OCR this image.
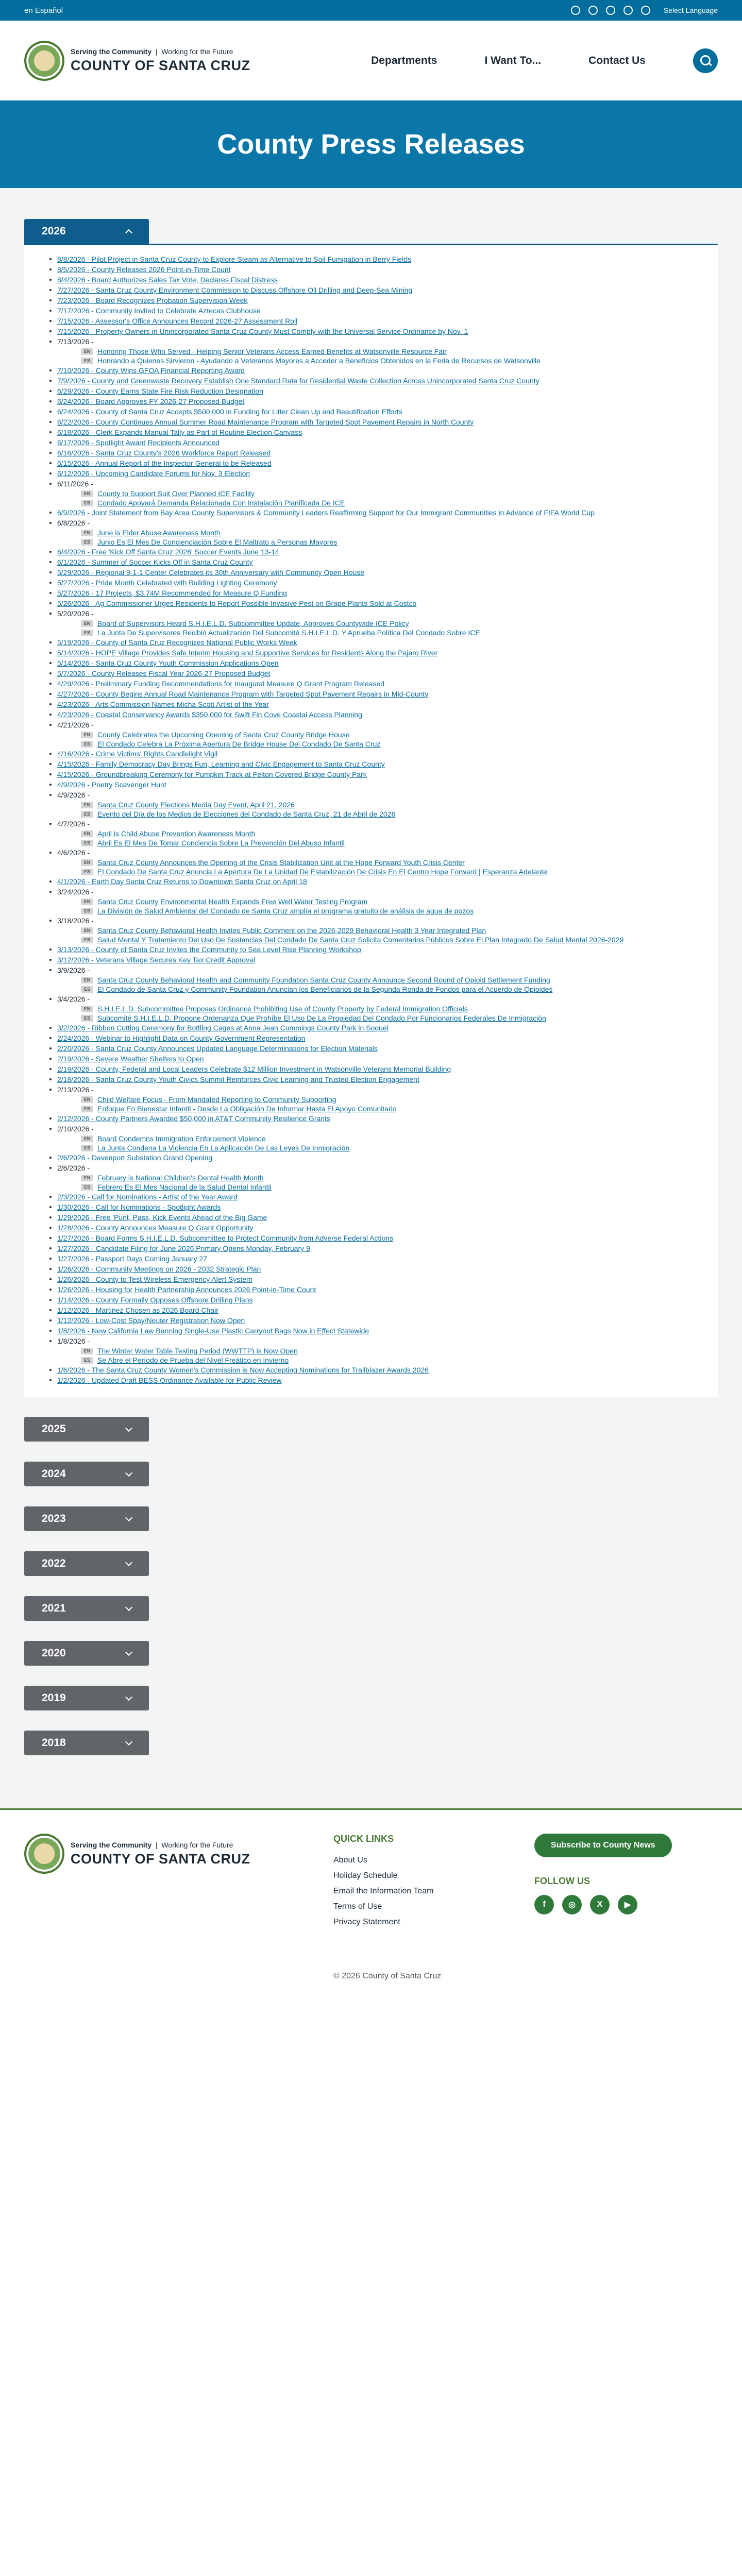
en Español	Select Language
Serving the Community  |  Working for the Future
COUNTY OF SANTA CRUZ	Departments	I Want To...	Contact Us
County Press Releases
2026
8/8/2026 - Pilot Project in Santa Cruz County to Explore Steam as Alternative to Soil Fumigation in Berry Fields
8/5/2026 - County Releases 2026 Point-in-Time Count
8/4/2026 - Board Authorizes Sales Tax Vote, Declares Fiscal Distress
7/27/2026 - Santa Cruz County Environment Commission to Discuss Offshore Oil Drilling and Deep-Sea Mining
7/23/2026 - Board Recognizes Probation Supervision Week
7/17/2026 - Community Invited to Celebrate Aztecas Clubhouse
7/15/2026 - Assessor's Office Announces Record 2026-27 Assessment Roll
7/15/2026 - Property Owners in Unincorporated Santa Cruz County Must Comply with the Universal Service Ordinance by Nov. 1
7/13/2026 -
EN Honoring Those Who Served - Helping Senior Veterans Access Earned Benefits at Watsonville Resource Fair
ES	Honrando a Quienes Sirvieron - Ayudando a Veteranos Mayores a Acceder a Beneficios Obtenidos en la Feria de Recursos de Watsonville
7/10/2026 - County Wins GFOA Financial Reporting Award
7/9/2026 - County and Greenwaste Recovery Establish One Standard Rate for Residential Waste Collection Across Unincorporated Santa Cruz County
6/29/2026 - County Earns State Fire Risk Reduction Designation
6/24/2026 - Board Approves FY 2026-27 Proposed Budget
6/24/2026 - County of Santa Cruz Accepts $500,000 in Funding for Litter Clean Up and Beautification Efforts
6/22/2026 - County Continues Annual Summer Road Maintenance Program with Targeted Spot Pavement Repairs in North County
6/18/2026 - Clerk Expands Manual Tally as Part of Routine Election Canvass
6/17/2026 - Spotlight Award Recipients Announced
6/16/2026 - Santa Cruz County's 2026 Workforce Report Released
6/15/2026 - Annual Report of the Inspector General to be Released
6/12/2026 - Upcoming Candidate Forums for Nov. 3 Election
6/11/2026 -
EN County to Support Suit Over Planned ICE Facility
ES	Condado Apoyará Demanda Relacionada Con Instalación Planificada De ICE
6/9/2026 - Joint Statement from Bay Area County Supervisors & Community Leaders Reaffirming Support for Our Immigrant Communities in Advance of FIFA World Cup
6/8/2026 -
EN June is Elder Abuse Awareness Month
ES	Junio Es El Mes De Concienciación Sobre El Maltrato a Personas Mayores
6/4/2026 - Free 'Kick Off Santa Cruz 2026' Soccer Events June 13-14
6/1/2026 - Summer of Soccer Kicks Off in Santa Cruz County
5/29/2026 - Regional 9-1-1 Center Celebrates its 30th Anniversary with Community Open House
5/27/2026 - Pride Month Celebrated with Building Lighting Ceremony
5/27/2026 - 17 Projects, $3.74M Recommended for Measure Q Funding
5/26/2026 - Ag Commissioner Urges Residents to Report Possible Invasive Pest on Grape Plants Sold at Costco
5/20/2026 -
EN Board of Supervisors Heard S.H.I.E.L.D. Subcommittee Update, Approves Countywide ICE Policy
ES	La Junta De Supervisores Recibió Actualización Del Subcomité S.H.I.E.L.D. Y Aprueba Política Del Condado Sobre ICE
5/19/2026 - County of Santa Cruz Recognizes National Public Works Week
5/14/2026 - HOPE Village Provides Safe Interim Housing and Supportive Services for Residents Along the Pajaro River
5/14/2026 - Santa Cruz County Youth Commission Applications Open
5/7/2026 - County Releases Fiscal Year 2026-27 Proposed Budget
4/29/2026 - Preliminary Funding Recommendations for Inaugural Measure Q Grant Program Released
4/27/2026 - County Begins Annual Road Maintenance Program with Targeted Spot Pavement Repairs in Mid-County
4/23/2026 - Arts Commission Names Micha Scott Artist of the Year
4/23/2026 - Coastal Conservancy Awards $350,000 for Swift Fin Cove Coastal Access Planning
4/21/2026 -
EN County Celebrates the Upcoming Opening of Santa Cruz County Bridge House
ES	El Condado Celebra La Próxima Apertura De Bridge House Del Condado De Santa Cruz
4/16/2026 - Crime Victims' Rights Candlelight Vigil
4/15/2026 - Family Democracy Day Brings Fun, Learning and Civic Engagement to Santa Cruz County
4/15/2026 - Groundbreaking Ceremony for Pumpkin Track at Felton Covered Bridge County Park
4/9/2026 - Poetry Scavenger Hunt
4/9/2026 -
EN Santa Cruz County Elections Media Day Event, April 21, 2026
ES	Evento del Día de los Medios de Elecciones del Condado de Santa Cruz, 21 de Abril de 2026
4/7/2026 -
EN April is Child Abuse Prevention Awareness Month
ES	Abril Es El Mes De Tomar Conciencia Sobre La Prevención Del Abuso Infantil
4/6/2026 -
EN Santa Cruz County Announces the Opening of the Crisis Stabilization Unit at the Hope Forward Youth Crisis Center
ES	El Condado De Santa Cruz Anuncia La Apertura De La Unidad De Estabilización De Crisis En El Centro Hope Forward | Esperanza Adelante
4/1/2026 - Earth Day Santa Cruz Returns to Downtown Santa Cruz on April 18
3/24/2026 -
EN Santa Cruz County Environmental Health Expands Free Well Water Testing Program
ES	La División de Salud Ambiental del Condado de Santa Cruz amplía el programa gratuito de análisis de agua de pozos
3/18/2026 -
EN Santa Cruz County Behavioral Health Invites Public Comment on the 2026-2029 Behavioral Health 3 Year Integrated Plan
ES	Salud Mental Y Tratamiento Del Uso De Sustancias Del Condado De Santa Cruz Solicita Comentarios Públicos Sobre El Plan Integrado De Salud Mental 2026-2029
3/13/2026 - County of Santa Cruz Invites the Community to Sea Level Rise Planning Workshop
3/12/2026 - Veterans Village Secures Key Tax Credit Approval
3/9/2026 -
EN Santa Cruz County Behavioral Health and Community Foundation Santa Cruz County Announce Second Round of Opioid Settlement Funding
ES	El Condado de Santa Cruz y Community Foundation Anuncian los Beneficiarios de la Segunda Ronda de Fondos para el Acuerdo de Opioides
3/4/2026 -
EN S.H.I.E.L.D. Subcommittee Proposes Ordinance Prohibiting Use of County Property by Federal Immigration Officials
ES	Subcomité S.H.I.E.L.D. Propone Ordenanza Que Prohíbe El Uso De La Propiedad Del Condado Por Funcionarios Federales De Inmigración
3/2/2026 - Ribbon Cutting Ceremony for Bottling Cages at Anna Jean Cummings County Park in Soquel
2/24/2026 - Webinar to Highlight Data on County Government Representation
2/20/2026 - Santa Cruz County Announces Updated Language Determinations for Election Materials
2/19/2026 - Severe Weather Shelters to Open
2/19/2026 - County, Federal and Local Leaders Celebrate $12 Million Investment in Watsonville Veterans Memorial Building
2/18/2026 - Santa Cruz County Youth Civics Summit Reinforces Civic Learning and Trusted Election Engagement
2/13/2026 -
EN Child Welfare Focus - From Mandated Reporting to Community Supporting
ES	Enfoque En Bienestar Infantil - Desde La Obligación De Informar Hasta El Apoyo Comunitario
2/12/2026 - County Partners Awarded $50,000 in AT&T Community Resilience Grants
2/10/2026 -
EN Board Condemns Immigration Enforcement Violence
ES	La Junta Condena La Violencia En La Aplicación De Las Leyes De Inmigración
2/6/2026 - Davenport Substation Grand Opening
2/6/2026 -
EN February is National Children's Dental Health Month
ES	Febrero Es El Mes Nacional de la Salud Dental Infantil
2/3/2026 - Call for Nominations - Artist of the Year Award
1/30/2026 - Call for Nominations - Spotlight Awards
1/29/2026 - Free 'Punt, Pass, Kick Events Ahead of the Big Game
1/28/2026 - County Announces Measure Q Grant Opportunity
1/27/2026 - Board Forms S.H.I.E.L.D. Subcommittee to Protect Community from Adverse Federal Actions
1/27/2026 - Candidate Filing for June 2026 Primary Opens Monday, February 9
1/27/2026 - Passport Days Coming January 27
1/26/2026 - Community Meetings on 2026 - 2032 Strategic Plan
1/26/2026 - County to Test Wireless Emergency Alert System
1/26/2026 - Housing for Health Partnership Announces 2026 Point-in-Time Count
1/14/2026 - County Formally Opposes Offshore Drilling Plans
1/12/2026 - Martinez Chosen as 2026 Board Chair
1/12/2026 - Low-Cost Spay/Neuter Registration Now Open
1/8/2026 - New California Law Banning Single-Use Plastic Carryout Bags Now in Effect Statewide
1/8/2026 -
EN The Winter Water Table Testing Period (WWTTP) is Now Open
ES	Se Abre el Período de Prueba del Nivel Freático en Invierno
1/6/2026 - The Santa Cruz County Women's Commission is Now Accepting Nominations for Trailblazer Awards 2026
1/2/2026 - Updated Draft BESS Ordinance Available for Public Review
2025
2024
2023
2022
2021
2020
2019
2018
Serving the Community  |  Working for the Future
COUNTY OF SANTA CRUZ
QUICK LINKS
About Us
Holiday Schedule
Email the Information Team
Terms of Use
Privacy Statement
Subscribe to County News
FOLLOW US
f	◎	X	▶
© 2026 County of Santa Cruz
